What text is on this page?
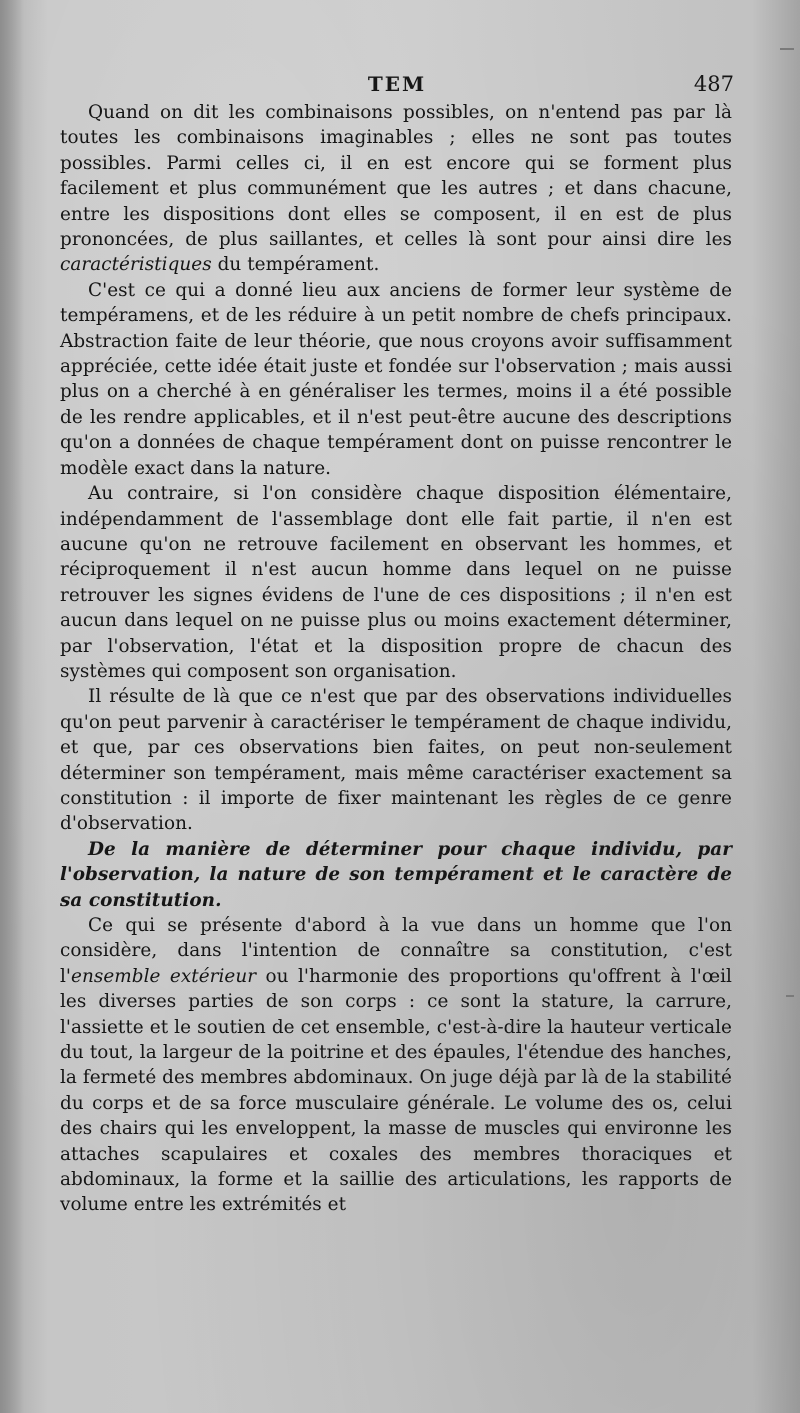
TEM	487

Quand on dit les combinaisons possibles, on n'entend pas par là toutes les combinaisons imaginables ; elles ne sont pas toutes possibles. Parmi celles ci, il en est encore qui se forment plus facilement et plus communément que les autres ; et dans chacune, entre les dispositions dont elles se composent, il en est de plus prononcées, de plus saillantes, et celles là sont pour ainsi dire les caractéristiques du tempérament.

C'est ce qui a donné lieu aux anciens de former leur système de tempéramens, et de les réduire à un petit nombre de chefs principaux. Abstraction faite de leur théorie, que nous croyons avoir suffisamment appréciée, cette idée était juste et fondée sur l'observation ; mais aussi plus on a cherché à en généraliser les termes, moins il a été possible de les rendre applicables, et il n'est peut-être aucune des descriptions qu'on a données de chaque tempérament dont on puisse rencontrer le modèle exact dans la nature.

Au contraire, si l'on considère chaque disposition élémentaire, indépendamment de l'assemblage dont elle fait partie, il n'en est aucune qu'on ne retrouve facilement en observant les hommes, et réciproquement il n'est aucun homme dans lequel on ne puisse retrouver les signes évidens de l'une de ces dispositions ; il n'en est aucun dans lequel on ne puisse plus ou moins exactement déterminer, par l'observation, l'état et la disposition propre de chacun des systèmes qui composent son organisation.

Il résulte de là que ce n'est que par des observations individuelles qu'on peut parvenir à caractériser le tempérament de chaque individu, et que, par ces observations bien faites, on peut non-seulement déterminer son tempérament, mais même caractériser exactement sa constitution : il importe de fixer maintenant les règles de ce genre d'observation.

De la manière de déterminer pour chaque individu, par l'observation, la nature de son tempérament et le caractère de sa constitution.

Ce qui se présente d'abord à la vue dans un homme que l'on considère, dans l'intention de connaître sa constitution, c'est l'ensemble extérieur ou l'harmonie des proportions qu'offrent à l'œil les diverses parties de son corps : ce sont la stature, la carrure, l'assiette et le soutien de cet ensemble, c'est-à-dire la hauteur verticale du tout, la largeur de la poitrine et des épaules, l'étendue des hanches, la fermeté des membres abdominaux. On juge déjà par là de la stabilité du corps et de sa force musculaire générale. Le volume des os, celui des chairs qui les enveloppent, la masse de muscles qui environne les attaches scapulaires et coxales des membres thoraciques et abdominaux, la forme et la saillie des articulations, les rapports de volume entre les extrémités et
